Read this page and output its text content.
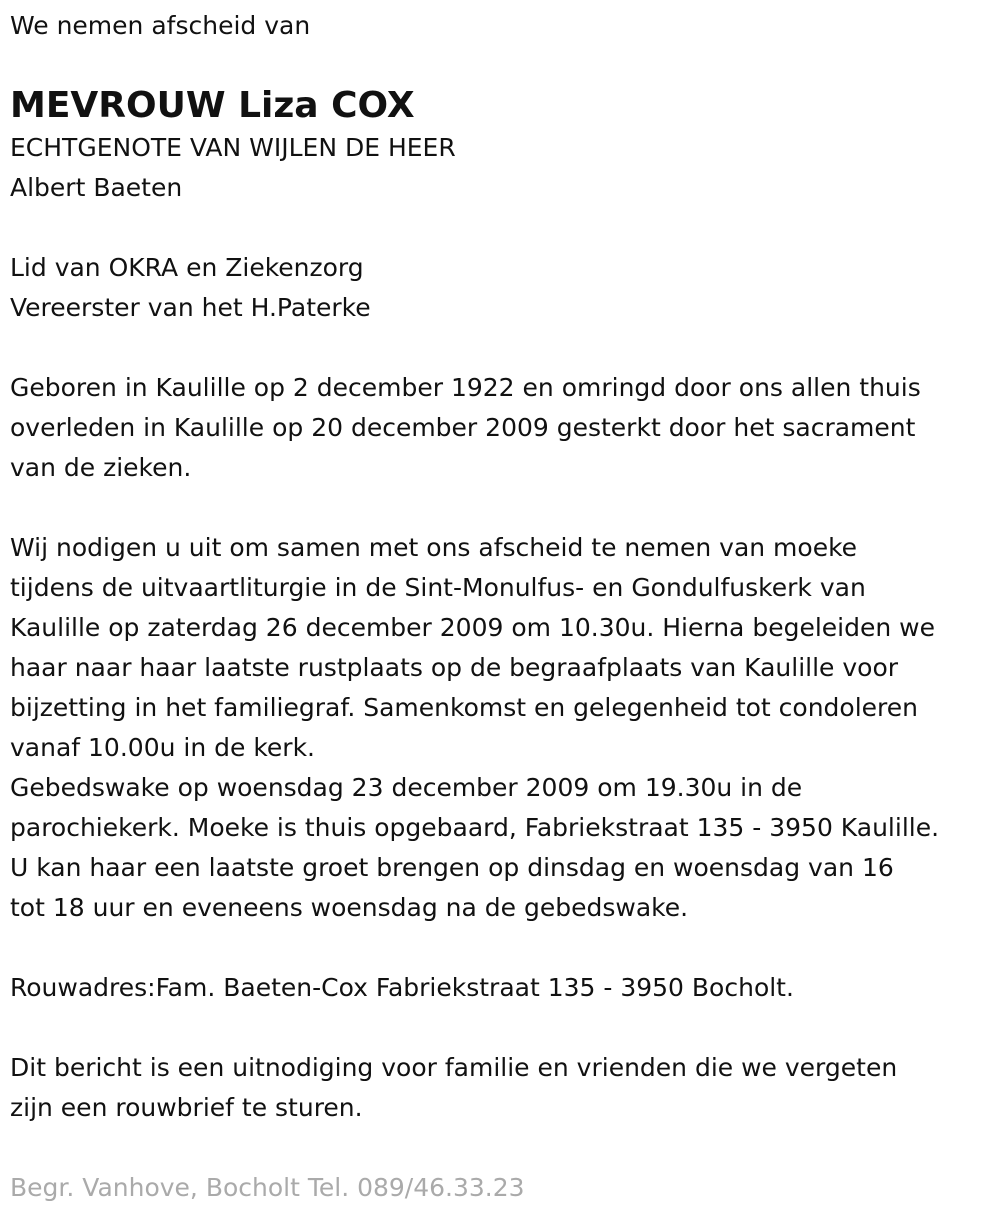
We nemen afscheid van

MEVROUW Liza COX

ECHTGENOTE VAN WIJLEN DE HEER

Albert Baeten

Lid van OKRA en Ziekenzorg

Vereerster van het H.Paterke

Geboren in Kaulille op 2 december 1922 en omringd door ons allen thuis

overleden in Kaulille op 20 december 2009 gesterkt door het sacrament

van de zieken.

Wij nodigen u uit om samen met ons afscheid te nemen van moeke

tijdens de uitvaartliturgie in de Sint-Monulfus- en Gondulfuskerk van

Kaulille op zaterdag 26 december 2009 om 10.30u. Hierna begeleiden we

haar naar haar laatste rustplaats op de begraafplaats van Kaulille voor

bijzetting in het familiegraf. Samenkomst en gelegenheid tot condoleren

vanaf 10.00u in de kerk.

Gebedswake op woensdag 23 december 2009 om 19.30u in de

parochiekerk. Moeke is thuis opgebaard, Fabriekstraat 135 - 3950 Kaulille.

U kan haar een laatste groet brengen op dinsdag en woensdag van 16

tot 18 uur en eveneens woensdag na de gebedswake.

Rouwadres:Fam. Baeten-Cox Fabriekstraat 135 - 3950 Bocholt.

Dit bericht is een uitnodiging voor familie en vrienden die we vergeten

zijn een rouwbrief te sturen.

Begr. Vanhove, Bocholt Tel. 089/46.33.23
